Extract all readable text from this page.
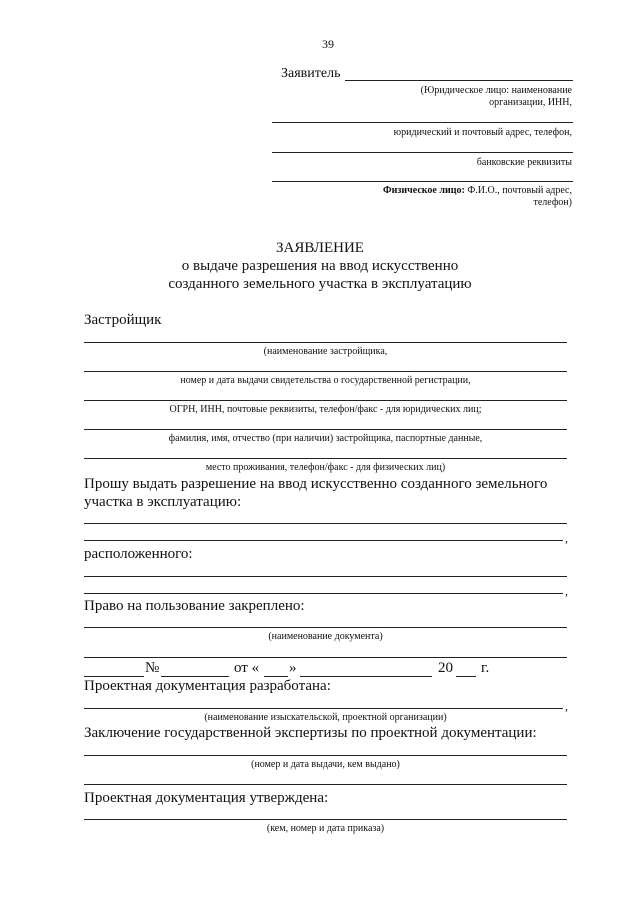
39
Заявитель
(Юридическое лицо: наименование
организации, ИНН,
юридический и почтовый адрес, телефон,
банковские реквизиты
Физическое лицо: Ф.И.О., почтовый адрес,
телефон)
ЗАЯВЛЕНИЕ
о выдаче разрешения на ввод искусственно
созданного земельного участка в эксплуатацию
Застройщик
(наименование застройщика,
номер и дата выдачи свидетельства о государственной регистрации,
ОГРН, ИНН, почтовые реквизиты, телефон/факс - для юридических лиц;
фамилия, имя, отчество (при наличии) застройщика, паспортные данные,
место проживания, телефон/факс - для физических лиц)
Прошу выдать разрешение на ввод искусственно созданного земельного
участка в эксплуатацию:
,
расположенного:
,
Право на пользование закреплено:
(наименование документа)
№	от « »	20 г.
Проектная документация разработана:
,
(наименование изыскательской, проектной организации)
Заключение государственной экспертизы по проектной документации:
(номер и дата выдачи, кем выдано)
Проектная документация утверждена:
(кем, номер и дата приказа)
